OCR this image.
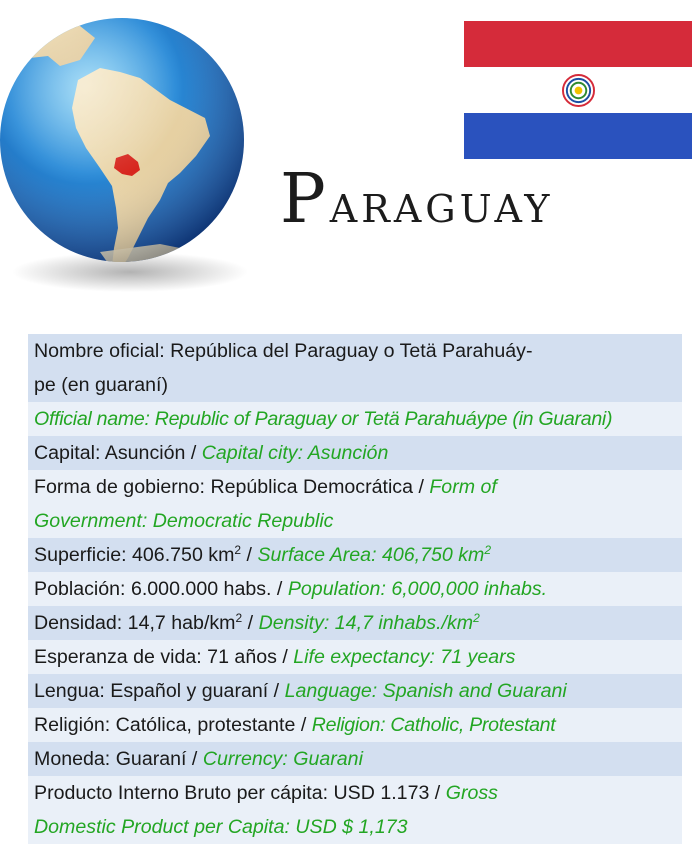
Paraguay
Nombre oficial: República del Paraguay o Tetä Parahuáy-
pe (en guaraní)
Official name: Republic of Paraguay or Tetä Parahuáype (in Guarani)
Capital: Asunción / Capital city: Asunción
Forma de gobierno: República Democrática / Form of
Government: Democratic Republic
Superficie: 406.750 $km^2$ / Surface Area: 406,750 $km^2$
Población: 6.000.000 habs. / Population: 6,000,000 inhabs.
Densidad: 14,7 hab/$km^2$ / Density: 14,7 $inhabs./km^2$
Esperanza de vida: 71 años / Life expectancy: 71 years
Lengua: Español y guaraní / Language: Spanish and Guarani
Religión: Católica, protestante / Religion: Catholic, Protestant
Moneda: Guaraní / Currency: Guarani
Producto Interno Bruto per cápita: USD 1.173 / Gross
Domestic Product per Capita: USD $ 1,173
